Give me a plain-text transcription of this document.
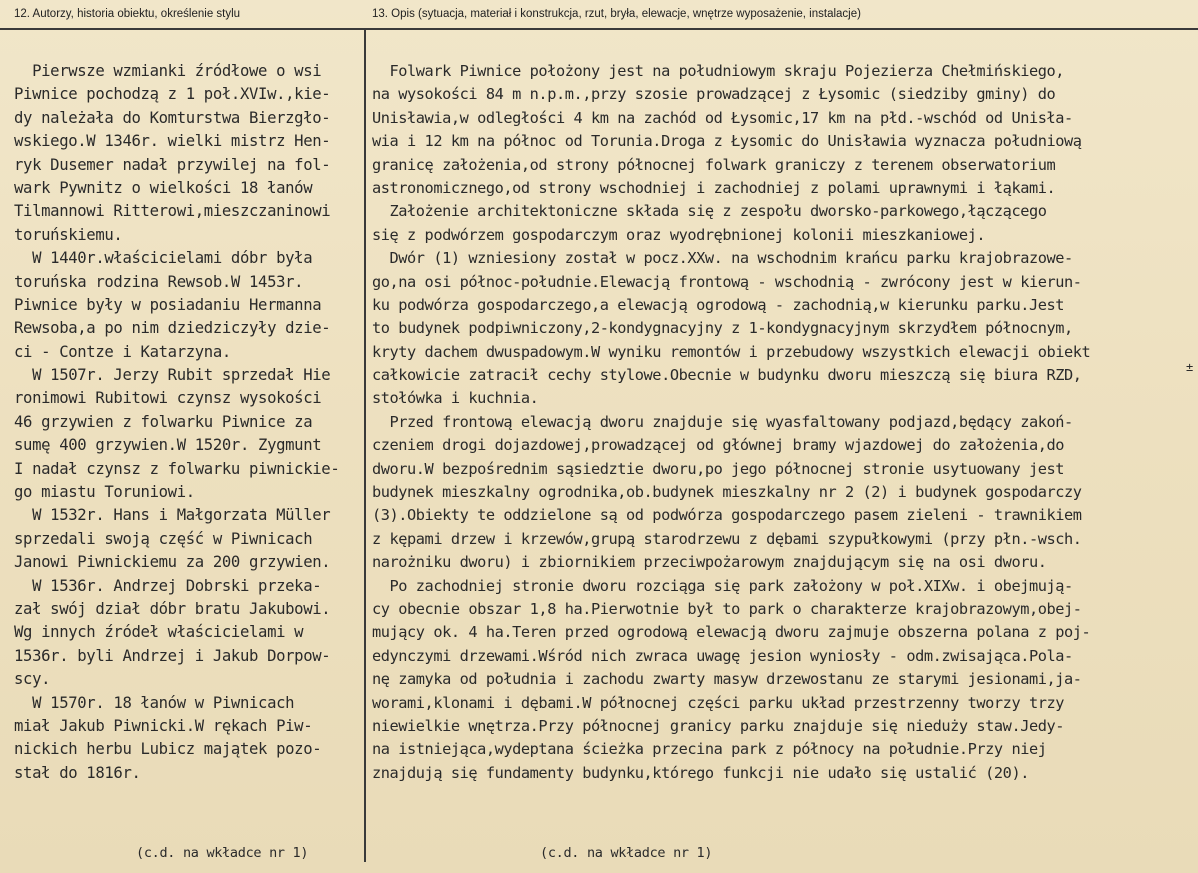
12. Autorzy, historia obiektu, określenie stylu	13. Opis (sytuacja, materiał i konstrukcja, rzut, bryła, elewacje, wnętrze wyposażenie, instalacje)
Pierwsze wzmianki źródłowe o wsi
Piwnice pochodzą z 1 poł.XVIw.,kie-
dy należała do Komturstwa Bierzgło-
wskiego.W 1346r. wielki mistrz Hen-
ryk Dusemer nadał przywilej na fol-
wark Pywnitz o wielkości 18 łanów
Tilmannowi Ritterowi,mieszczaninowi
toruńskiemu.
W 1440r.właścicielami dóbr była
toruńska rodzina Rewsob.W 1453r.
Piwnice były w posiadaniu Hermanna
Rewsoba,a po nim dziedziczyły dzie-
ci - Contze i Katarzyna.
W 1507r. Jerzy Rubit sprzedał Hie
ronimowi Rubitowi czynsz wysokości
46 grzywien z folwarku Piwnice za
sumę 400 grzywien.W 1520r. Zygmunt
I nadał czynsz z folwarku piwnickie-
go miastu Toruniowi.
W 1532r. Hans i Małgorzata Müller
sprzedali swoją część w Piwnicach
Janowi Piwnickiemu za 200 grzywien.
W 1536r. Andrzej Dobrski przeka-
zał swój dział dóbr bratu Jakubowi.
Wg innych źródeł właścicielami w
1536r. byli Andrzej i Jakub Dorpow-
scy.
W 1570r. 18 łanów w Piwnicach
miał Jakub Piwnicki.W rękach Piw-
nickich herbu Lubicz majątek pozo-
stał do 1816r.
Folwark Piwnice położony jest na południowym skraju Pojezierza Chełmińskiego,
na wysokości 84 m n.p.m.,przy szosie prowadzącej z Łysomic (siedziby gminy) do
Unisławia,w odległości 4 km na zachód od Łysomic,17 km na płd.-wschód od Unisła-
wia i 12 km na północ od Torunia.Droga z Łysomic do Unisławia wyznacza południową
granicę założenia,od strony północnej folwark graniczy z terenem obserwatorium
astronomicznego,od strony wschodniej i zachodniej z polami uprawnymi i łąkami.
Założenie architektoniczne składa się z zespołu dworsko-parkowego,łączącego
się z podwórzem gospodarczym oraz wyodrębnionej kolonii mieszkaniowej.
Dwór (1) wzniesiony został w pocz.XXw. na wschodnim krańcu parku krajobrazowe-
go,na osi północ-południe.Elewacją frontową - wschodnią - zwrócony jest w kierun-
ku podwórza gospodarczego,a elewacją ogrodową - zachodnią,w kierunku parku.Jest
to budynek podpiwniczony,2-kondygnacyjny z 1-kondygnacyjnym skrzydłem północnym,
kryty dachem dwuspadowym.W wyniku remontów i przebudowy wszystkich elewacji obiekt
całkowicie zatracił cechy stylowe.Obecnie w budynku dworu mieszczą się biura RZD,
stołówka i kuchnia.
Przed frontową elewacją dworu znajduje się wyasfaltowany podjazd,będący zakoń-
czeniem drogi dojazdowej,prowadzącej od głównej bramy wjazdowej do założenia,do
dworu.W bezpośrednim sąsiedztie dworu,po jego północnej stronie usytuowany jest
budynek mieszkalny ogrodnika,ob.budynek mieszkalny nr 2 (2) i budynek gospodarczy
(3).Obiekty te oddzielone są od podwórza gospodarczego pasem zieleni - trawnikiem
z kępami drzew i krzewów,grupą starodrzewu z dębami szypułkowymi (przy płn.-wsch.
narożniku dworu) i zbiornikiem przeciwpożarowym znajdującym się na osi dworu.
Po zachodniej stronie dworu rozciąga się park założony w poł.XIXw. i obejmują-
cy obecnie obszar 1,8 ha.Pierwotnie był to park o charakterze krajobrazowym,obej-
mujący ok. 4 ha.Teren przed ogrodową elewacją dworu zajmuje obszerna polana z poj-
edynczymi drzewami.Wśród nich zwraca uwagę jesion wyniosły - odm.zwisająca.Pola-
nę zamyka od południa i zachodu zwarty masyw drzewostanu ze starymi jesionami,ja-
worami,klonami i dębami.W północnej części parku układ przestrzenny tworzy trzy
niewielkie wnętrza.Przy północnej granicy parku znajduje się nieduży staw.Jedy-
na istniejąca,wydeptana ścieżka przecina park z północy na południe.Przy niej
znajdują się fundamenty budynku,którego funkcji nie udało się ustalić (20).
(c.d. na wkładce nr 1)	(c.d. na wkładce nr 1)
±
